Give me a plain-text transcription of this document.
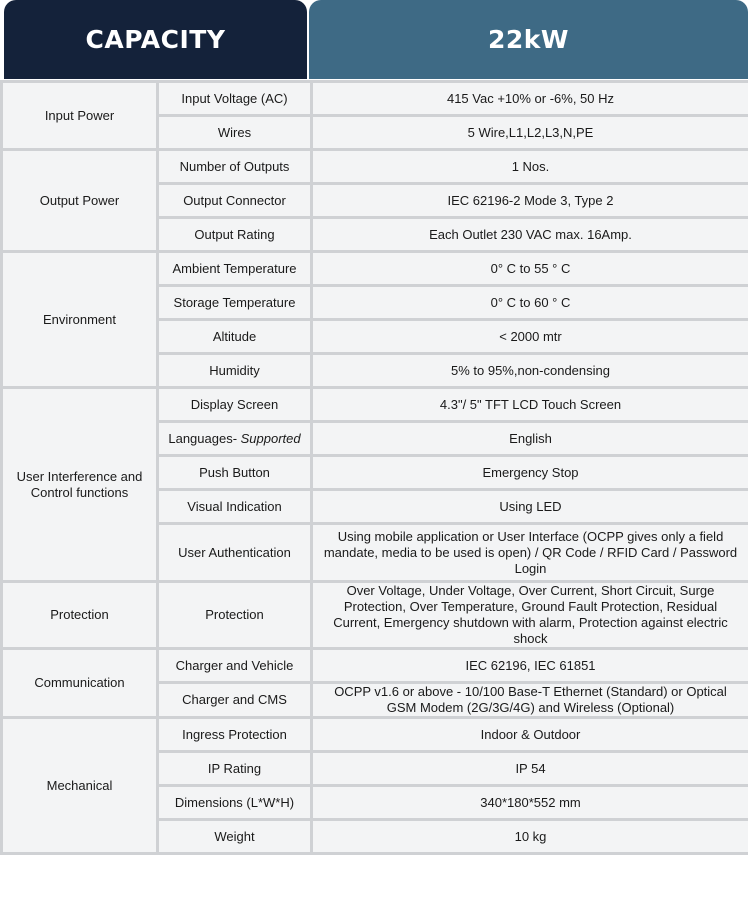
CAPACITY	22kW
Input Power	Input Voltage (AC)	415 Vac +10% or -6%, 50 Hz
	Wires	5 Wire,L1,L2,L3,N,PE
Output Power	Number of Outputs	1 Nos.
	Output Connector	IEC 62196-2 Mode 3, Type 2
	Output Rating	Each Outlet 230 VAC max. 16Amp.
Environment	Ambient Temperature	0° C to 55 ° C
	Storage Temperature	0° C to 60 ° C
	Altitude	< 2000 mtr
	Humidity	5% to 95%,non-condensing
User Interference and Control functions	Display Screen	4.3"/ 5" TFT LCD Touch Screen
	Languages- Supported	English
	Push Button	Emergency Stop
	Visual Indication	Using LED
	User Authentication	Using mobile application or User Interface (OCPP gives only a field mandate, media to be used is open) / QR Code / RFID Card / Password Login
Protection	Protection	Over Voltage, Under Voltage, Over Current, Short Circuit, Surge Protection, Over Temperature, Ground Fault Protection, Residual Current, Emergency shutdown with alarm, Protection against electric shock
Communication	Charger and Vehicle	IEC 62196, IEC 61851
	Charger and CMS	OCPP v1.6 or above - 10/100 Base-T Ethernet (Standard) or Optical GSM Modem (2G/3G/4G) and Wireless (Optional)
Mechanical	Ingress Protection	Indoor & Outdoor
	IP Rating	IP 54
	Dimensions (L*W*H)	340*180*552 mm
	Weight	10 kg
